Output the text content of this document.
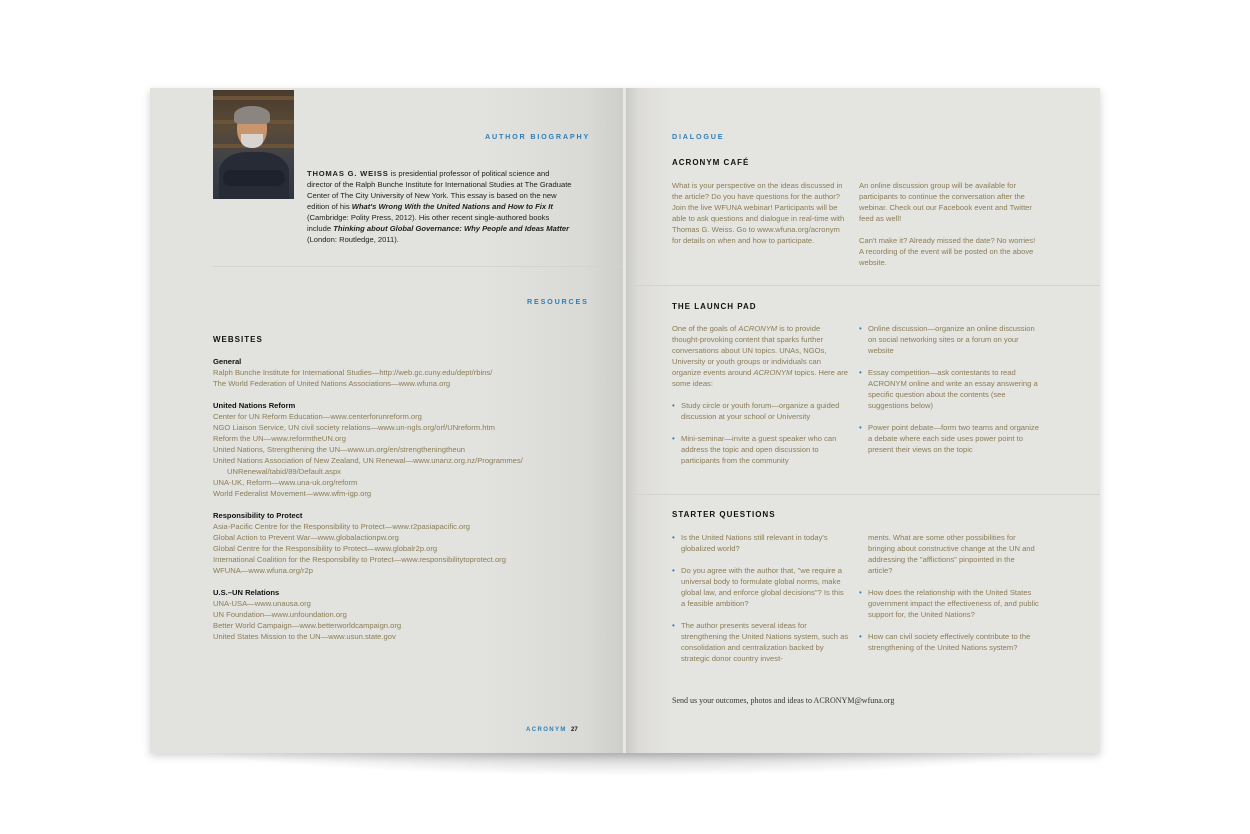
AUTHOR BIOGRAPHY
THOMAS G. WEISS is presidential professor of political science and director of the Ralph Bunche Institute for International Studies at The Graduate Center of The City University of New York. This essay is based on the new edition of his What's Wrong With the United Nations and How to Fix It (Cambridge: Polity Press, 2012). His other recent single-authored books include Thinking about Global Governance: Why People and Ideas Matter (London: Routledge, 2011).
RESOURCES
WEBSITES
General
Ralph Bunche Institute for International Studies—http://web.gc.cuny.edu/dept/rbins/
The World Federation of United Nations Associations—www.wfuna.org
United Nations Reform
Center for UN Reform Education—www.centerforunreform.org
NGO Liaison Service, UN civil society relations—www.un-ngls.org/orf/UNreform.htm
Reform the UN—www.reformtheUN.org
United Nations, Strengthening the UN—www.un.org/en/strengtheningtheun
United Nations Association of New Zealand, UN Renewal—www.unanz.org.nz/Programmes/
UNRenewal/tabid/89/Default.aspx
UNA-UK, Reform—www.una-uk.org/reform
World Federalist Movement—www.wfm-igp.org
Responsibility to Protect
Asia-Pacific Centre for the Responsibility to Protect—www.r2pasiapacific.org
Global Action to Prevent War—www.globalactionpw.org
Global Centre for the Responsibility to Protect—www.globalr2p.org
International Coalition for the Responsibility to Protect—www.responsibilitytoprotect.org
WFUNA—www.wfuna.org/r2p
U.S.–UN Relations
UNA-USA—www.unausa.org
UN Foundation—www.unfoundation.org
Better World Campaign—www.betterworldcampaign.org
United States Mission to the UN—www.usun.state.gov
ACRONYM 27
DIALOGUE
ACRONYM CAFÉ
What is your perspective on the ideas discussed in the article? Do you have questions for the author? Join the live WFUNA webinar! Participants will be able to ask questions and dialogue in real-time with Thomas G. Weiss. Go to www.wfuna.org/acronym for details on when and how to participate.
An online discussion group will be available for participants to continue the conversation after the webinar. Check out our Facebook event and Twitter feed as well!
Can't make it? Already missed the date? No worries! A recording of the event will be posted on the above website.
THE LAUNCH PAD
One of the goals of ACRONYM is to provide thought-provoking content that sparks further conversations about UN topics. UNAs, NGOs, University or youth groups or individuals can organize events around ACRONYM topics. Here are some ideas:
• Study circle or youth forum—organize a guided discussion at your school or University
• Mini-seminar—invite a guest speaker who can address the topic and open discussion to participants from the community
• Online discussion—organize an online discussion on social networking sites or a forum on your website
• Essay competition—ask contestants to read ACRONYM online and write an essay answering a specific question about the contents (see suggestions below)
• Power point debate—form two teams and organize a debate where each side uses power point to present their views on the topic
STARTER QUESTIONS
• Is the United Nations still relevant in today's globalized world?
• Do you agree with the author that, "we require a universal body to formulate global norms, make global law, and enforce global decisions"? Is this a feasible ambition?
• The author presents several ideas for strengthening the United Nations system, such as consolidation and centralization backed by strategic donor country invest-
ments. What are some other possibilities for bringing about constructive change at the UN and addressing the "afflictions" pinpointed in the article?
• How does the relationship with the United States government impact the effectiveness of, and public support for, the United Nations?
• How can civil society effectively contribute to the strengthening of the United Nations system?
Send us your outcomes, photos and ideas to ACRONYM@wfuna.org
